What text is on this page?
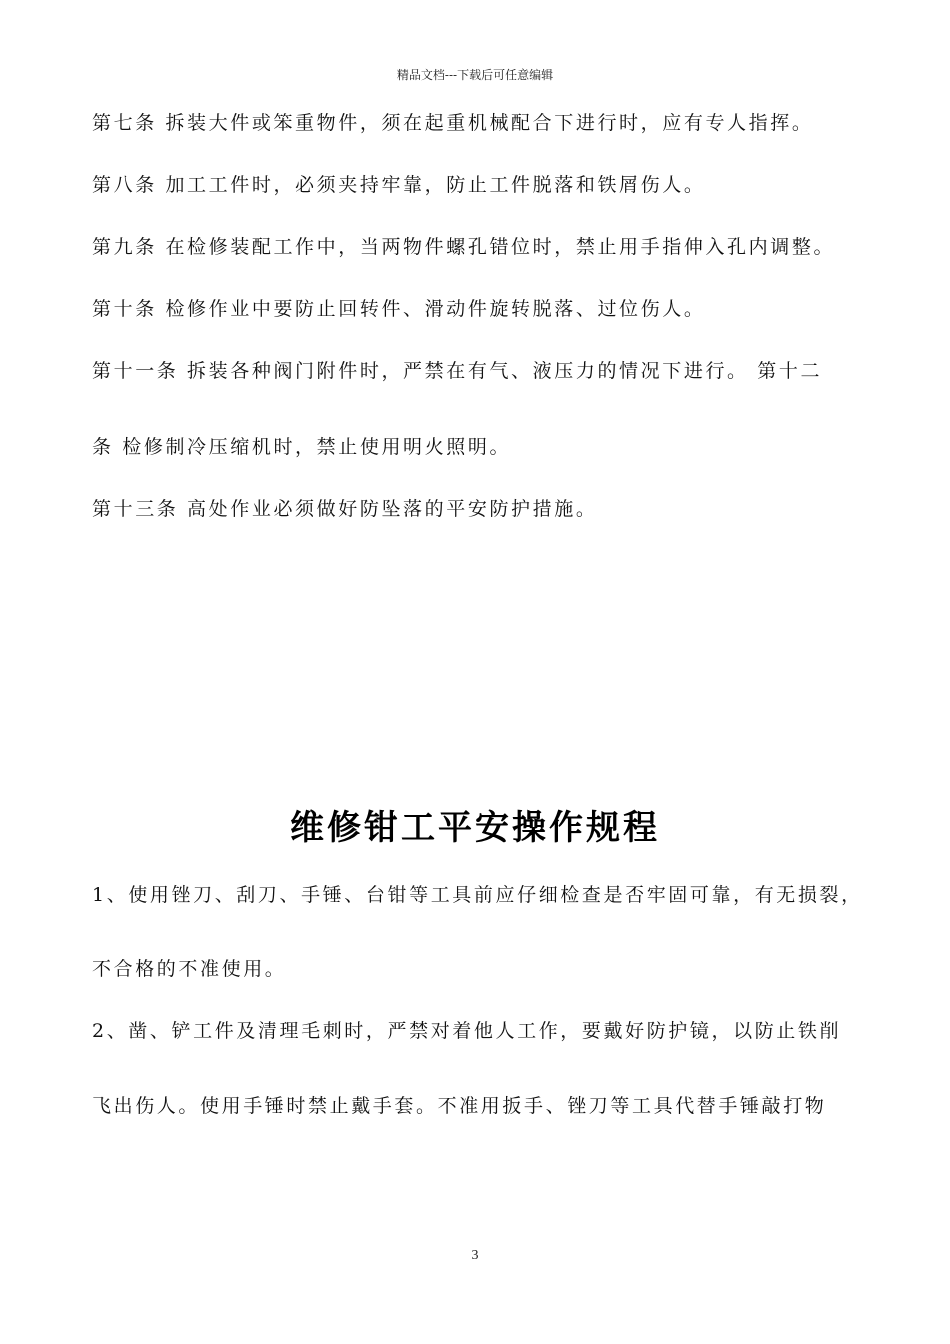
精品文档---下载后可任意编辑
第七条 拆装大件或笨重物件，须在起重机械配合下进行时，应有专人指挥。
第八条 加工工件时，必须夹持牢靠，防止工件脱落和铁屑伤人。
第九条 在检修装配工作中，当两物件螺孔错位时，禁止用手指伸入孔内调整。
第十条 检修作业中要防止回转件、滑动件旋转脱落、过位伤人。
第十一条 拆装各种阀门附件时，严禁在有气、液压力的情况下进行。 第十二
条 检修制冷压缩机时，禁止使用明火照明。
第十三条 高处作业必须做好防坠落的平安防护措施。
维修钳工平安操作规程
1、使用锉刀、刮刀、手锤、台钳等工具前应仔细检查是否牢固可靠，有无损裂，
不合格的不准使用。
2、凿、铲工件及清理毛刺时，严禁对着他人工作，要戴好防护镜，以防止铁削
飞出伤人。使用手锤时禁止戴手套。不准用扳手、锉刀等工具代替手锤敲打物
3
